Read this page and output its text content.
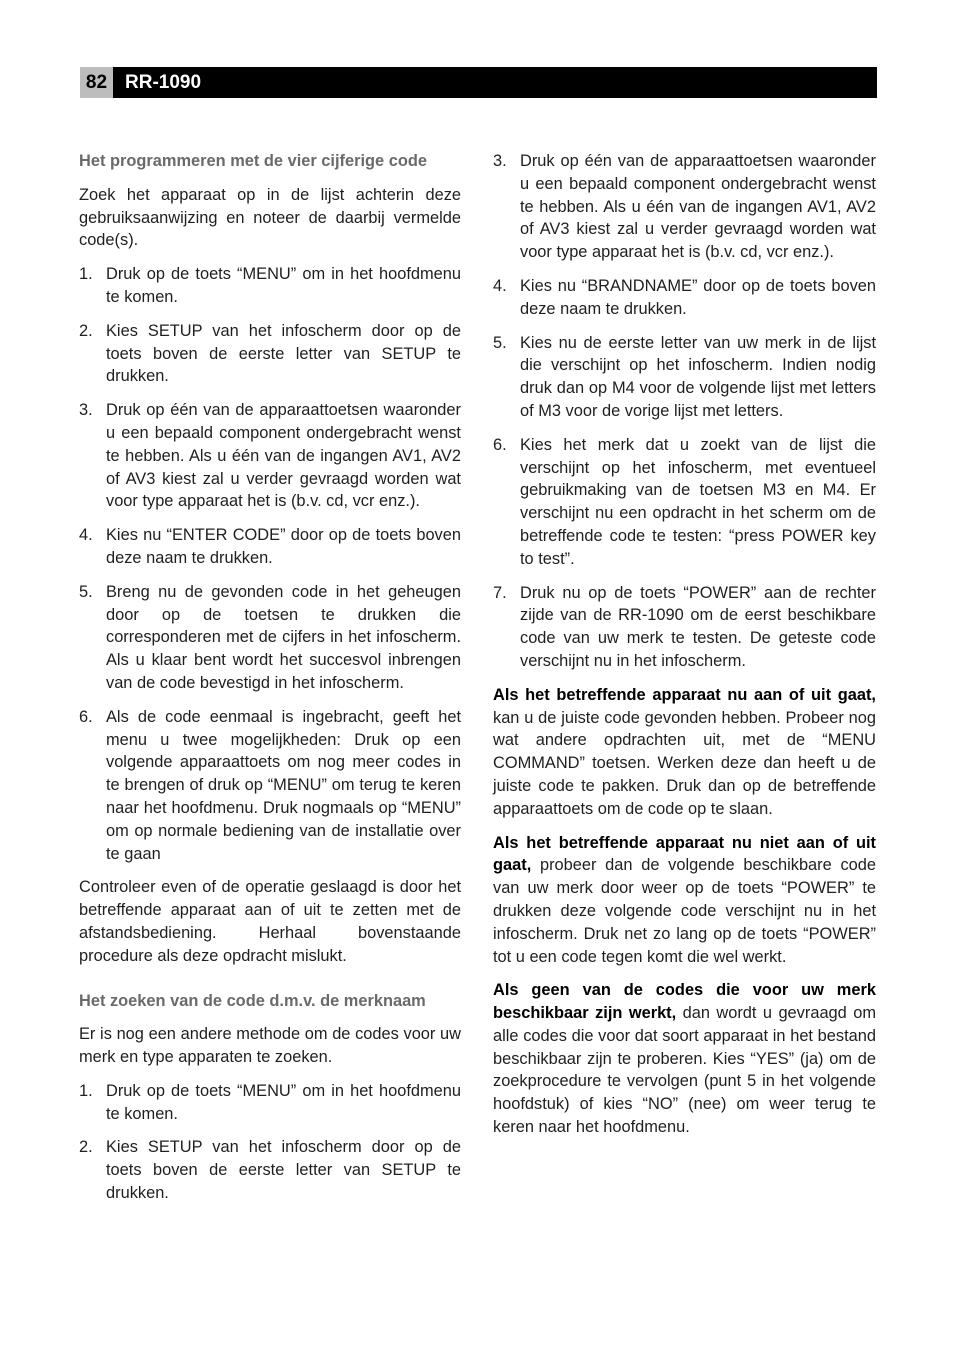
82 RR-1090
Het programmeren met de vier cijferige code

Zoek het apparaat op in de lijst achterin deze gebruiksaanwijzing en noteer de daarbij vermelde code(s).

1. Druk op de toets “MENU” om in het hoofdmenu te komen.
2. Kies SETUP van het infoscherm door op de toets boven de eerste letter van SETUP te drukken.
3. Druk op één van de apparaattoetsen waaronder u een bepaald component ondergebracht wenst te hebben. Als u één van de ingangen AV1, AV2 of AV3 kiest zal u verder gevraagd worden wat voor type apparaat het is (b.v. cd, vcr enz.).
4. Kies nu “ENTER CODE” door op de toets boven deze naam te drukken.
5. Breng nu de gevonden code in het geheugen door op de toetsen te drukken die corresponderen met de cijfers in het infoscherm. Als u klaar bent wordt het succesvol inbrengen van de code bevestigd in het infoscherm.
6. Als de code eenmaal is ingebracht, geeft het menu u twee mogelijkheden: Druk op een volgende apparaattoets om nog meer codes in te brengen of druk op “MENU” om terug te keren naar het hoofdmenu. Druk nogmaals op “MENU” om op normale bediening van de installatie over te gaan

Controleer even of de operatie geslaagd is door het betreffende apparaat aan of uit te zetten met de afstandsbediening. Herhaal bovenstaande procedure als deze opdracht mislukt.

Het zoeken van de code d.m.v. de merknaam

Er is nog een andere methode om de codes voor uw merk en type apparaten te zoeken.

1. Druk op de toets “MENU” om in het hoofdmenu te komen.
2. Kies SETUP van het infoscherm door op de toets boven de eerste letter van SETUP te drukken.
3. Druk op één van de apparaattoetsen waaronder u een bepaald component ondergebracht wenst te hebben. Als u één van de ingangen AV1, AV2 of AV3 kiest zal u verder gevraagd worden wat voor type apparaat het is (b.v. cd, vcr enz.).
4. Kies nu “BRANDNAME” door op de toets boven deze naam te drukken.
5. Kies nu de eerste letter van uw merk in de lijst die verschijnt op het infoscherm. Indien nodig druk dan op M4 voor de volgende lijst met letters of M3 voor de vorige lijst met letters.
6. Kies het merk dat u zoekt van de lijst die verschijnt op het infoscherm, met eventueel gebruikmaking van de toetsen M3 en M4. Er verschijnt nu een opdracht in het scherm om de betreffende code te testen: “press POWER key to test”.
7. Druk nu op de toets “POWER” aan de rechter zijde van de RR-1090 om de eerst beschikbare code van uw merk te testen. De geteste code verschijnt nu in het infoscherm.

Als het betreffende apparaat nu aan of uit gaat, kan u de juiste code gevonden hebben. Probeer nog wat andere opdrachten uit, met de “MENU COMMAND” toetsen. Werken deze dan heeft u de juiste code te pakken. Druk dan op de betreffende apparaattoets om de code op te slaan.

Als het betreffende apparaat nu niet aan of uit gaat, probeer dan de volgende beschikbare code van uw merk door weer op de toets “POWER” te drukken deze volgende code verschijnt nu in het infoscherm. Druk net zo lang op de toets “POWER” tot u een code tegen komt die wel werkt.

Als geen van de codes die voor uw merk beschikbaar zijn werkt, dan wordt u gevraagd om alle codes die voor dat soort apparaat in het bestand beschikbaar zijn te proberen. Kies “YES” (ja) om de zoekprocedure te vervolgen (punt 5 in het volgende hoofdstuk) of kies “NO” (nee) om weer terug te keren naar het hoofdmenu.
